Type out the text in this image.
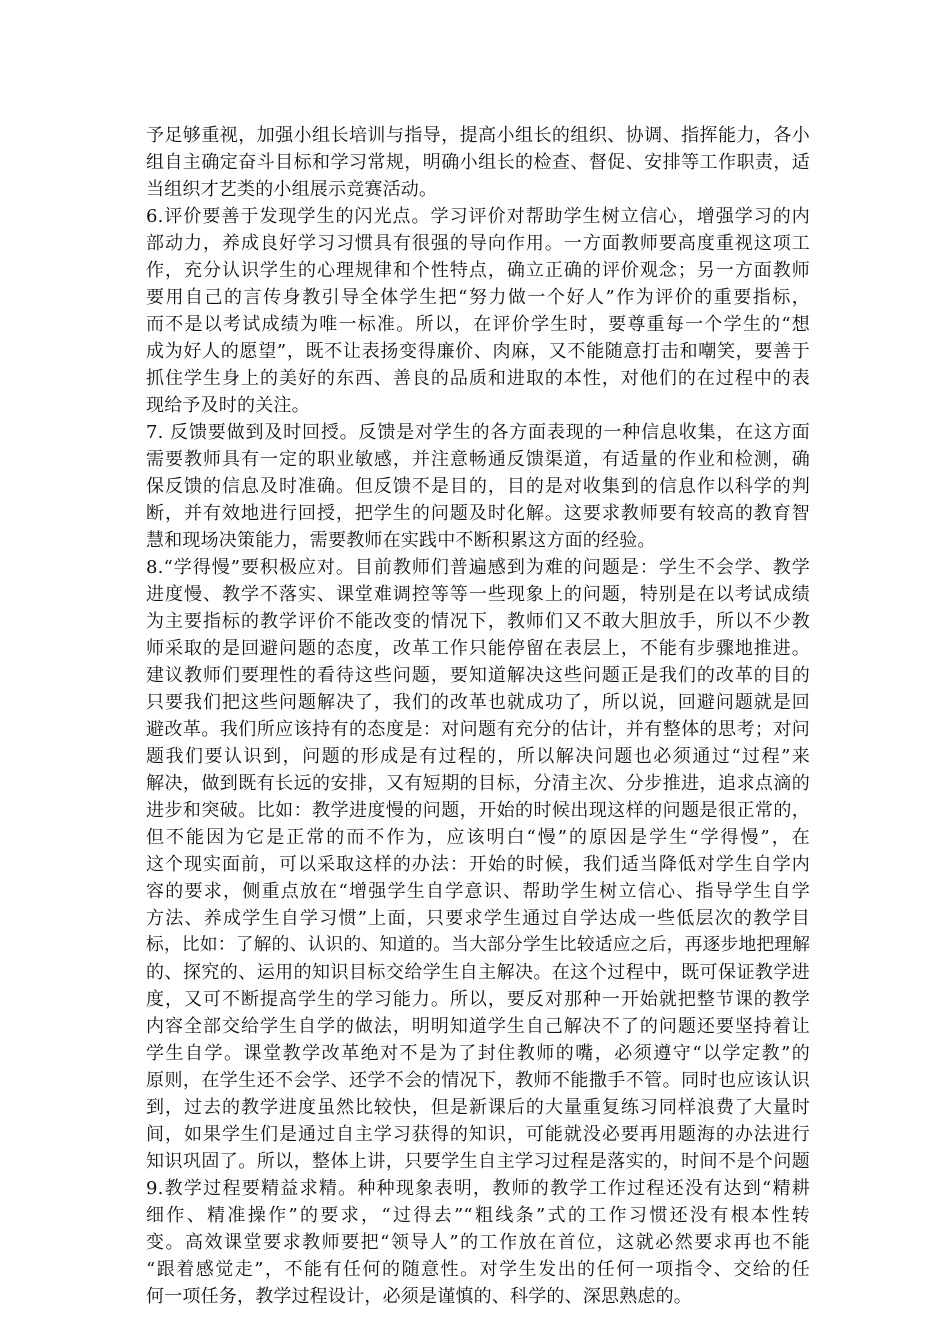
予足够重视，加强小组长培训与指导，提高小组长的组织、协调、指挥能力，各小
组自主确定奋斗目标和学习常规，明确小组长的检查、督促、安排等工作职责，适
当组织才艺类的小组展示竞赛活动。
6.评价要善于发现学生的闪光点。学习评价对帮助学生树立信心，增强学习的内
部动力，养成良好学习习惯具有很强的导向作用。一方面教师要高度重视这项工
作，充分认识学生的心理规律和个性特点，确立正确的评价观念；另一方面教师
要用自己的言传身教引导全体学生把“努力做一个好人”作为评价的重要指标，
而不是以考试成绩为唯一标准。所以，在评价学生时，要尊重每一个学生的“想
成为好人的愿望”，既不让表扬变得廉价、肉麻，又不能随意打击和嘲笑，要善于
抓住学生身上的美好的东西、善良的品质和进取的本性，对他们的在过程中的表
现给予及时的关注。
7. 反馈要做到及时回授。反馈是对学生的各方面表现的一种信息收集，在这方面
需要教师具有一定的职业敏感，并注意畅通反馈渠道，有适量的作业和检测，确
保反馈的信息及时准确。但反馈不是目的，目的是对收集到的信息作以科学的判
断，并有效地进行回授，把学生的问题及时化解。这要求教师要有较高的教育智
慧和现场决策能力，需要教师在实践中不断积累这方面的经验。
8.“学得慢”要积极应对。目前教师们普遍感到为难的问题是：学生不会学、教学
进度慢、教学不落实、课堂难调控等等一些现象上的问题，特别是在以考试成绩
为主要指标的教学评价不能改变的情况下，教师们又不敢大胆放手，所以不少教
师采取的是回避问题的态度，改革工作只能停留在表层上，不能有步骤地推进。
建议教师们要理性的看待这些问题，要知道解决这些问题正是我们的改革的目的
只要我们把这些问题解决了，我们的改革也就成功了，所以说，回避问题就是回
避改革。我们所应该持有的态度是：对问题有充分的估计，并有整体的思考；对问
题我们要认识到，问题的形成是有过程的，所以解决问题也必须通过“过程”来
解决，做到既有长远的安排，又有短期的目标，分清主次、分步推进，追求点滴的
进步和突破。比如：教学进度慢的问题，开始的时候出现这样的问题是很正常的，
但不能因为它是正常的而不作为，应该明白“慢”的原因是学生“学得慢”，在
这个现实面前，可以采取这样的办法：开始的时候，我们适当降低对学生自学内
容的要求，侧重点放在“增强学生自学意识、帮助学生树立信心、指导学生自学
方法、养成学生自学习惯”上面，只要求学生通过自学达成一些低层次的教学目
标，比如：了解的、认识的、知道的。当大部分学生比较适应之后，再逐步地把理解
的、探究的、运用的知识目标交给学生自主解决。在这个过程中，既可保证教学进
度，又可不断提高学生的学习能力。所以，要反对那种一开始就把整节课的教学
内容全部交给学生自学的做法，明明知道学生自己解决不了的问题还要坚持着让
学生自学。课堂教学改革绝对不是为了封住教师的嘴，必须遵守“以学定教”的
原则，在学生还不会学、还学不会的情况下，教师不能撒手不管。同时也应该认识
到，过去的教学进度虽然比较快，但是新课后的大量重复练习同样浪费了大量时
间，如果学生们是通过自主学习获得的知识，可能就没必要再用题海的办法进行
知识巩固了。所以，整体上讲，只要学生自主学习过程是落实的，时间不是个问题
9.教学过程要精益求精。种种现象表明，教师的教学工作过程还没有达到“精耕
细作、精准操作”的要求，“过得去”“粗线条”式的工作习惯还没有根本性转
变。高效课堂要求教师要把“领导人”的工作放在首位，这就必然要求再也不能
“跟着感觉走”，不能有任何的随意性。对学生发出的任何一项指令、交给的任
何一项任务，教学过程设计，必须是谨慎的、科学的、深思熟虑的。
